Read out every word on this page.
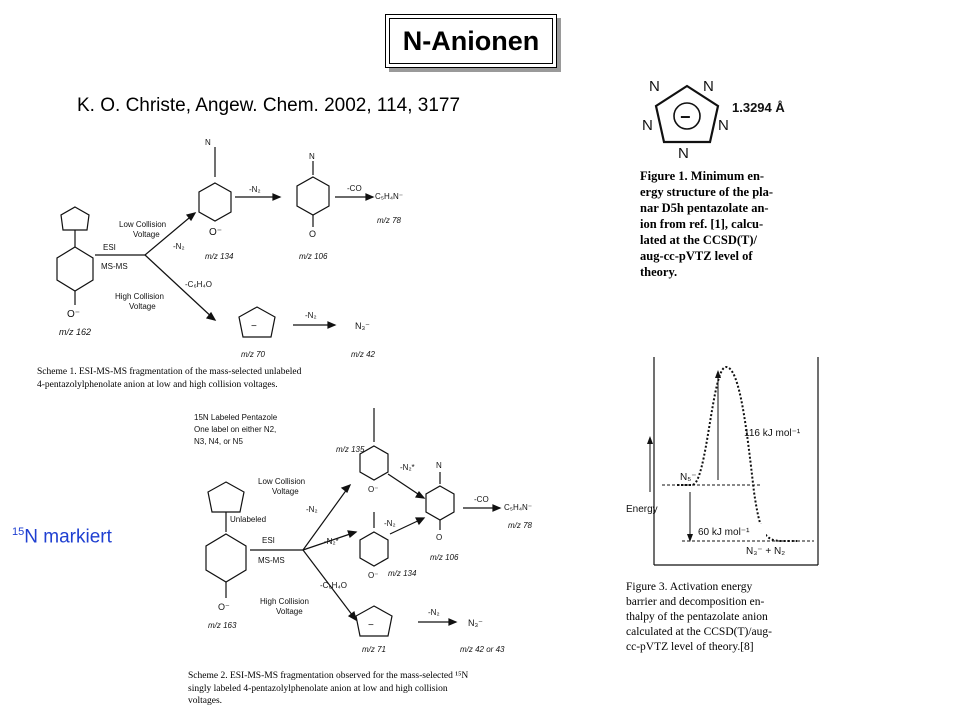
N-Anionen
K. O. Christe, Angew. Chem. 2002, 114, 3177
$^{15}$N markiert
O⁻
m/z 162
ESI
MS-MS
Low Collision
Voltage
High Collision
Voltage
-C₆H₄O
-N₂
N
O⁻
m/z 134
-N₂
N
O
m/z 106
-CO
C₅H₄N⁻
m/z 78
−
m/z 70
-N₂
N₃⁻
m/z 42
Scheme 1. ESI-MS-MS fragmentation of the mass-selected unlabeled
4-pentazolylphenolate anion at low and high collision voltages.
N	N
N	N
N
−	1.3294 Å
Figure 1. Minimum en-
ergy structure of the pla-
nar D5h pentazolate an-
ion from ref. [1], calcu-
lated at the CCSD(T)/
aug-cc-pVTZ level of
theory.
15N Labeled Pentazole
One label on either N2,
N3, N4, or N5
Unlabeled
O⁻
m/z 163
ESI
MS-MS
Low Collision
Voltage
-N₂
-N₂*
High Collision
Voltage
-C₆H₄O
O⁻
m/z 135
-N₂*
O⁻ m/z 134
-N₂
N
O
m/z 106
-CO
C₅H₄N⁻
m/z 78
−
m/z 71
-N₂
N₃⁻
m/z 42 or 43
Scheme 2. ESI-MS-MS fragmentation observed for the mass-selected ¹⁵N
singly labeled 4-pentazolylphenolate anion at low and high collision
voltages.
Energy
116 kJ mol⁻¹
60 kJ mol⁻¹
N₅⁻
N₃⁻ + N₂
Figure 3. Activation energy
barrier and decomposition en-
thalpy of the pentazolate anion
calculated at the CCSD(T)/aug-
cc-pVTZ level of theory.[8]
